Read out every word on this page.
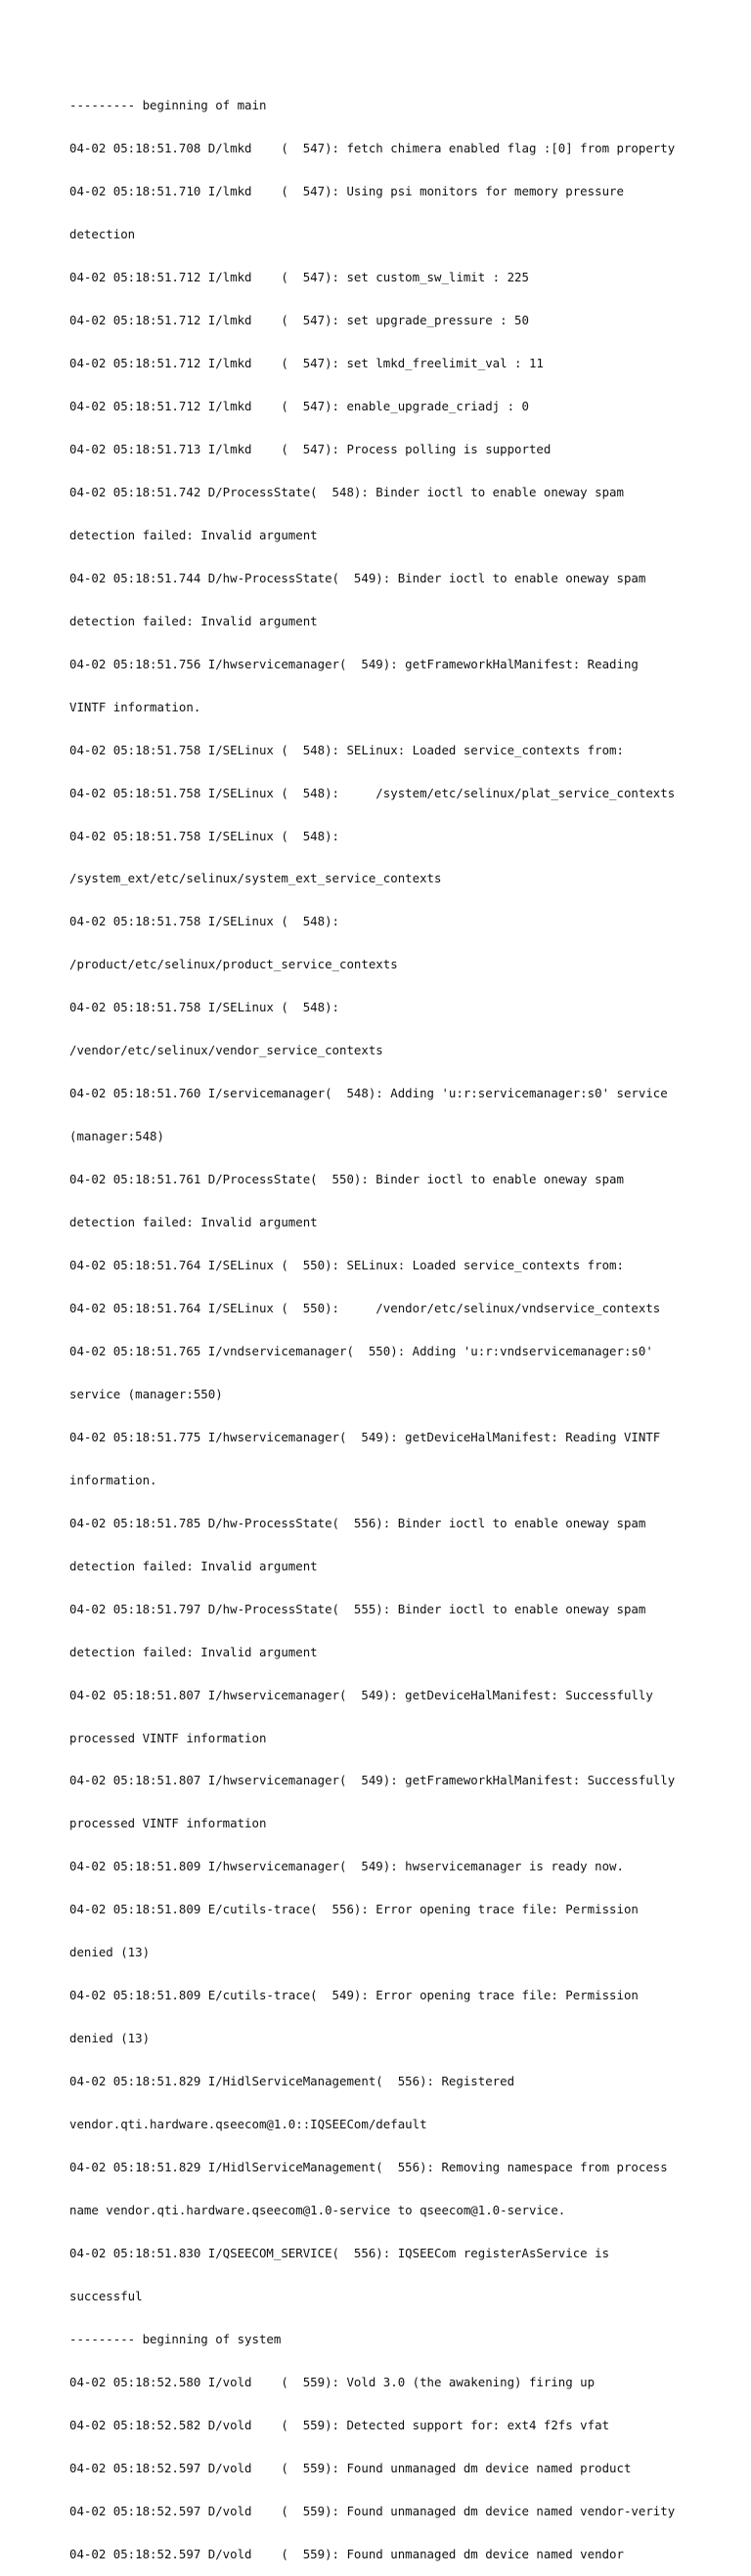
--------- beginning of main

04-02 05:18:51.708 D/lmkd    (  547): fetch chimera enabled flag :[0] from property

04-02 05:18:51.710 I/lmkd    (  547): Using psi monitors for memory pressure

detection

04-02 05:18:51.712 I/lmkd    (  547): set custom_sw_limit : 225

04-02 05:18:51.712 I/lmkd    (  547): set upgrade_pressure : 50

04-02 05:18:51.712 I/lmkd    (  547): set lmkd_freelimit_val : 11

04-02 05:18:51.712 I/lmkd    (  547): enable_upgrade_criadj : 0

04-02 05:18:51.713 I/lmkd    (  547): Process polling is supported

04-02 05:18:51.742 D/ProcessState(  548): Binder ioctl to enable oneway spam

detection failed: Invalid argument

04-02 05:18:51.744 D/hw-ProcessState(  549): Binder ioctl to enable oneway spam

detection failed: Invalid argument

04-02 05:18:51.756 I/hwservicemanager(  549): getFrameworkHalManifest: Reading

VINTF information.

04-02 05:18:51.758 I/SELinux (  548): SELinux: Loaded service_contexts from:

04-02 05:18:51.758 I/SELinux (  548):     /system/etc/selinux/plat_service_contexts

04-02 05:18:51.758 I/SELinux (  548):

/system_ext/etc/selinux/system_ext_service_contexts

04-02 05:18:51.758 I/SELinux (  548):

/product/etc/selinux/product_service_contexts

04-02 05:18:51.758 I/SELinux (  548):

/vendor/etc/selinux/vendor_service_contexts

04-02 05:18:51.760 I/servicemanager(  548): Adding 'u:r:servicemanager:s0' service

(manager:548)

04-02 05:18:51.761 D/ProcessState(  550): Binder ioctl to enable oneway spam

detection failed: Invalid argument

04-02 05:18:51.764 I/SELinux (  550): SELinux: Loaded service_contexts from:

04-02 05:18:51.764 I/SELinux (  550):     /vendor/etc/selinux/vndservice_contexts

04-02 05:18:51.765 I/vndservicemanager(  550): Adding 'u:r:vndservicemanager:s0'

service (manager:550)

04-02 05:18:51.775 I/hwservicemanager(  549): getDeviceHalManifest: Reading VINTF

information.

04-02 05:18:51.785 D/hw-ProcessState(  556): Binder ioctl to enable oneway spam

detection failed: Invalid argument

04-02 05:18:51.797 D/hw-ProcessState(  555): Binder ioctl to enable oneway spam

detection failed: Invalid argument

04-02 05:18:51.807 I/hwservicemanager(  549): getDeviceHalManifest: Successfully

processed VINTF information

04-02 05:18:51.807 I/hwservicemanager(  549): getFrameworkHalManifest: Successfully

processed VINTF information

04-02 05:18:51.809 I/hwservicemanager(  549): hwservicemanager is ready now.

04-02 05:18:51.809 E/cutils-trace(  556): Error opening trace file: Permission

denied (13)

04-02 05:18:51.809 E/cutils-trace(  549): Error opening trace file: Permission

denied (13)

04-02 05:18:51.829 I/HidlServiceManagement(  556): Registered

vendor.qti.hardware.qseecom@1.0::IQSEECom/default

04-02 05:18:51.829 I/HidlServiceManagement(  556): Removing namespace from process

name vendor.qti.hardware.qseecom@1.0-service to qseecom@1.0-service.

04-02 05:18:51.830 I/QSEECOM_SERVICE(  556): IQSEECom registerAsService is

successful

--------- beginning of system

04-02 05:18:52.580 I/vold    (  559): Vold 3.0 (the awakening) firing up

04-02 05:18:52.582 D/vold    (  559): Detected support for: ext4 f2fs vfat

04-02 05:18:52.597 D/vold    (  559): Found unmanaged dm device named product

04-02 05:18:52.597 D/vold    (  559): Found unmanaged dm device named vendor-verity

04-02 05:18:52.597 D/vold    (  559): Found unmanaged dm device named vendor
